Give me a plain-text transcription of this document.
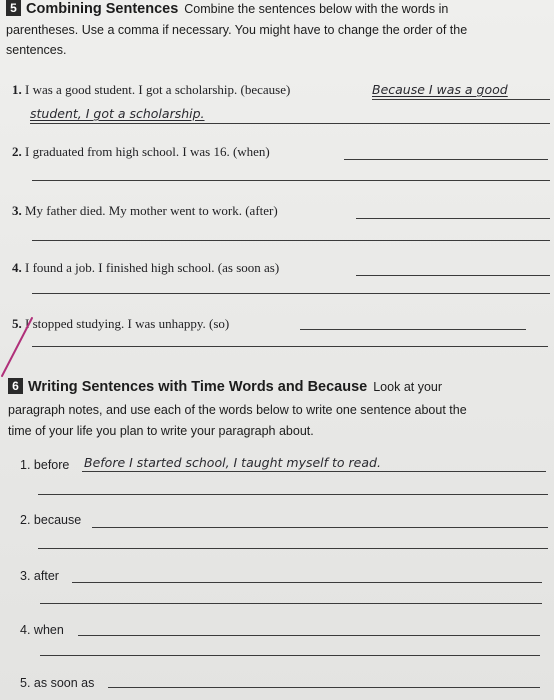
5 Combining Sentences Combine the sentences below with the words in
parentheses. Use a comma if necessary. You might have to change the order of the
sentences.
1. I was a good student. I got a scholarship. (because)	Because I was a good
student, I got a scholarship.
2. I graduated from high school. I was 16. (when)
3. My father died. My mother went to work. (after)
4. I found a job. I finished high school. (as soon as)
5. I stopped studying. I was unhappy. (so)
6 Writing Sentences with Time Words and Because Look at your
paragraph notes, and use each of the words below to write one sentence about the
time of your life you plan to write your paragraph about.
1. before Before I started school, I taught myself to read.
2. because
3. after
4. when
5. as soon as
